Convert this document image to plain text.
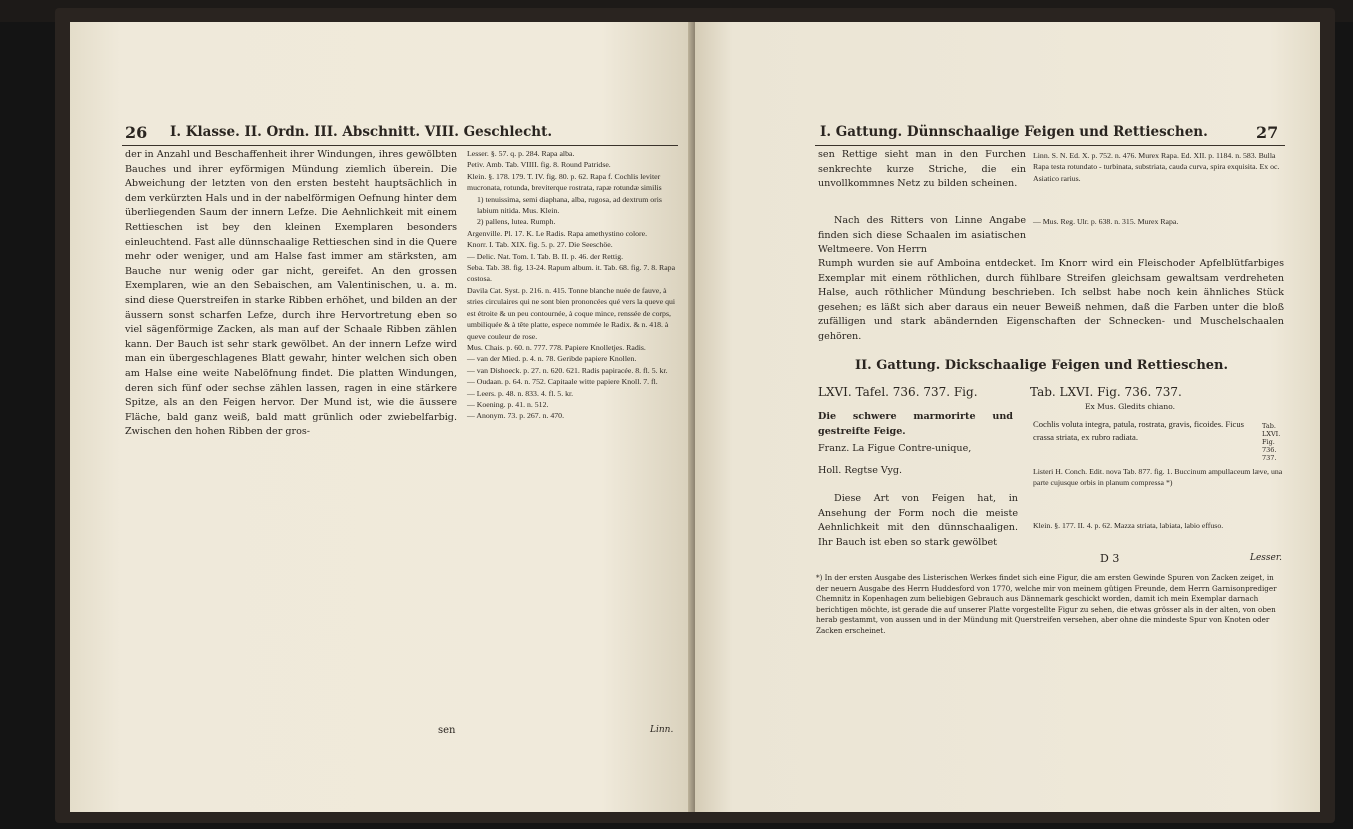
26 I. Klasse. II. Ordn. III. Abschnitt. VIII. Geschlecht.

der in Anzahl und Beschaffenheit ihrer Windungen, ihres gewölbten Bauches und ihrer eyförmigen Mündung ziemlich überein. Die Abweichung der letzten von den ersten besteht hauptsächlich in dem verkürzten Hals und in der nabelförmigen Oefnung hinter dem überliegenden Saum der innern Lefze. Die Aehnlichkeit mit einem Rettieschen ist bey den kleinen Exemplaren besonders einleuchtend. Fast alle dünnschaalige Rettieschen sind in die Quere mehr oder weniger, und am Halse fast immer am stärksten, am Bauche nur wenig oder gar nicht, gereifet. An den grossen Exemplaren, wie an den Sebaischen, am Valentinischen, u. a. m. sind diese Querstreifen in starke Ribben erhöhet, und bilden an der äussern sonst scharfen Lefze, durch ihre Hervortretung eben so viel sägenförmige Zacken, als man auf der Schaale Ribben zählen kann. Der Bauch ist sehr stark gewölbet. An der innern Lefze wird man ein übergeschlagenes Blatt gewahr, hinter welchen sich oben am Halse eine weite Nabelöfnung findet. Die platten Windungen, deren sich fünf oder sechse zählen lassen, ragen in eine stärkere Spitze, als an den Feigen hervor. Der Mund ist, wie die äussere Fläche, bald ganz weiß, bald matt grünlich oder zwiebelfarbig. Zwischen den hohen Ribben der gros-

sen

Lesser. §. 57. q. p. 284. Rapa alba.

Petiv. Amb. Tab. VIIII. fig. 8. Round Patridse.

Klein. §. 178. 179. T. IV. fig. 80. p. 62. Rapa f. Cochlis leviter mucronata, rotunda, breviterque rostrata, rapæ rotundæ similis

1) tenuissima, semi diaphana, alba, rugosa, ad dextrum oris labium nitida. Mus. Klein.

2) pallens, lutea. Rumph.

Argenville. Pl. 17. K. Le Radis. Rapa amethystino colore.

Knorr. I. Tab. XIX. fig. 5. p. 27. Die Seeschöe.

— Delic. Nat. Tom. I. Tab. B. II. p. 46. der Rettig.

Seba. Tab. 38. fig. 13-24. Rapum album. it. Tab. 68. fig. 7. 8. Rapa costosa.

Davila Cat. Syst. p. 216. n. 415. Tonne blanche nuée de fauve, à stries circulaires qui ne sont bien prononcées qué vers la queve qui est étroite & un peu contournée, à coque mince, renssée de corps, umbiliquée & à tête platte, espece nommée le Radix. & n. 418. à queve couleur de rose.

Mus. Chais. p. 60. n. 777. 778. Papiere Knolletjes. Radis.

— van der Mied. p. 4. n. 78. Geribde papiere Knollen.

— van Dishoeck. p. 27. n. 620. 621. Radis papiracée. 8. fl. 5. kr.

— Oudaan. p. 64. n. 752. Capitaale witte papiere Knoll. 7. fl.

— Leers. p. 48. n. 833. 4. fl. 5. kr.

— Koening. p. 41. n. 512.

— Anonym. 73. p. 267. n. 470.

Linn.
I. Gattung. Dünnschaalige Feigen und Rettieschen.	27

sen Rettige sieht man in den Furchen senkrechte kurze Striche, die ein unvollkommnes Netz zu bilden scheinen.

Linn. S. N. Ed. X. p. 752. n. 476. Murex Rapa. Ed. XII. p. 1184. n. 583. Bulla Rapa testa rotundato - turbinata, substriata, cauda curva, spira exquisita. Ex oc. Asiatico rarius.

Nach des Ritters von Linne Angabe finden sich diese Schaalen im asiatischen Weltmeere. Von Herrn

— Mus. Reg. Ulr. p. 638. n. 315. Murex Rapa.

Rumph wurden sie auf Amboina entdecket. Im Knorr wird ein Fleischoder Apfelblütfarbiges Exemplar mit einem röthlichen, durch fühlbare Streifen gleichsam gewaltsam verdreheten Halse, auch röthlicher Mündung beschrieben. Ich selbst habe noch kein ähnliches Stück gesehen; es läßt sich aber daraus ein neuer Beweiß nehmen, daß die Farben unter die bloß zufälligen und stark abändernden Eigenschaften der Schnecken- und Muschelschaalen gehören.

II. Gattung. Dickschaalige Feigen und Rettieschen.
LXVI. Tafel. 736. 737. Fig.	Tab. LXVI. Fig. 736. 737.
Ex Mus. Gledits chiano.

Die schwere marmorirte und gestreifte Feige.

Franz. La Figue Contre-unique,

Holl. Regtse Vyg.

Cochlis voluta integra, patula, rostrata, gravis, ficoides. Ficus crassa striata, ex rubro radiata.

Tab. LXVI. Fig. 736. 737.

Diese Art von Feigen hat, in Ansehung der Form noch die meiste Aehnlichkeit mit den dünnschaaligen. Ihr Bauch ist eben so stark gewölbet

Listeri H. Conch. Edit. nova Tab. 877. fig. 1. Buccinum ampullaceum læve, una parte cujusque orbis in planum compressa *)

Klein. §. 177. II. 4. p. 62. Mazza striata, labiata, labio effuso.

D 3	Lesser.

*) In der ersten Ausgabe des Listerischen Werkes findet sich eine Figur, die am ersten Gewinde Spuren von Zacken zeiget, in der neuern Ausgabe des Herrn Huddesford von 1770, welche mir von meinem gütigen Freunde, dem Herrn Garnisonprediger Chemnitz in Kopenhagen zum beliebigen Gebrauch aus Dännemark geschickt worden, damit ich mein Exemplar darnach berichtigen möchte, ist gerade die auf unserer Platte vorgestellte Figur zu sehen, die etwas grösser als in der alten, von oben herab gestammt, von aussen und in der Mündung mit Querstreifen versehen, aber ohne die mindeste Spur von Knoten oder Zacken erscheinet.
